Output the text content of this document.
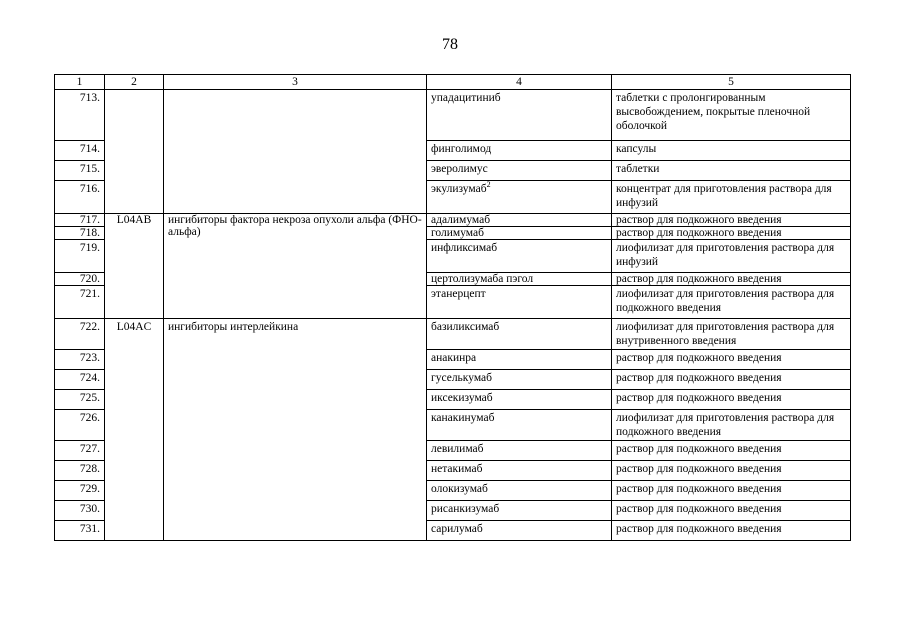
78
1	2	3	4	5
713.			упадацитиниб	таблетки с пролонгированным высвобождением, покрытые пленочной оболочкой
714.			финголимод	капсулы
715.			эверолимус	таблетки
716.			экулизумаб$^2$	концентрат для приготовления раствора для инфузий
717.	L04AB	ингибиторы фактора некроза опухоли альфа (ФНО-альфа)	адалимумаб	раствор для подкожного введения
718.			голимумаб	раствор для подкожного введения
719.			инфликсимаб	лиофилизат для приготовления раствора для инфузий
720.			цертолизумаба пэгол	раствор для подкожного введения
721.			этанерцепт	лиофилизат для приготовления раствора для подкожного введения
722.	L04AC	ингибиторы интерлейкина	базиликсимаб	лиофилизат для приготовления раствора для внутривенного введения
723.			анакинра	раствор для подкожного введения
724.			гуселькумаб	раствор для подкожного введения
725.			иксекизумаб	раствор для подкожного введения
726.			канакинумаб	лиофилизат для приготовления раствора для подкожного введения
727.			левилимаб	раствор для подкожного введения
728.			нетакимаб	раствор для подкожного введения
729.			олокизумаб	раствор для подкожного введения
730.			рисанкизумаб	раствор для подкожного введения
731.			сарилумаб	раствор для подкожного введения
